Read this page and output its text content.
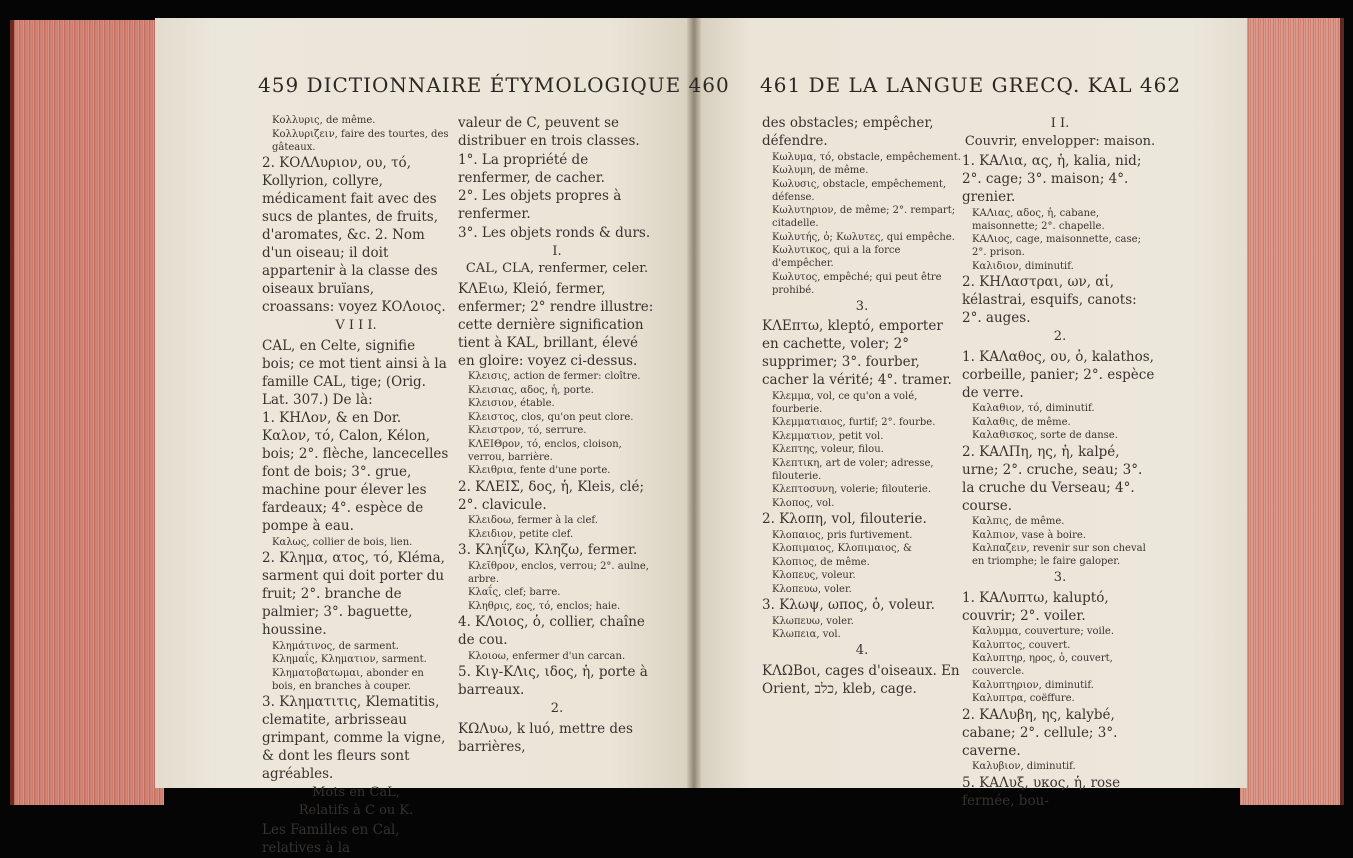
459 DICTIONNAIRE ÉTYMOLOGIQUE 460 461 DE LA LANGUE GRECQ. KAL 462

Κολλυρις, de même.

Κολλυριζειν, faire des tourtes, des gâteaux.

2. ΚΟΛΛυριον, ου, τό, Kollyrion, collyre, médicament fait avec des sucs de plantes, de fruits, d'aromates, &c. 2. Nom d'un oiseau; il doit appartenir à la classe des oiseaux bruïans, croassans: voyez ΚΟΛοιος.

V I I I.

CAL, en Celte, signifie bois; ce mot tient ainsi à la famille CAL, tige; (Orig. Lat. 307.) De là:

1. ΚΗΛον, & en Dor. Καλον, τό, Calon, Kélon, bois; 2°. flèche, lancecelles font de bois; 3°. grue, machine pour élever les fardeaux; 4°. espèce de pompe à eau.

Καλως, collier de bois, lien.

2. Κλημα, ατος, τό, Kléma, sarment qui doit porter du fruit; 2°. branche de palmier; 3°. baguette, houssine.

Κλημάτινος, de sarment.

Κλημαΐς, Κληματιον, sarment.

Κληματοβατωμαι, abonder en bois, en branches à couper.

3. Κληματιτις, Klematitis, clematite, arbrisseau grimpant, comme la vigne, & dont les fleurs sont agréables.

Mots en CaL,

Relatifs à C ou K.

Les Familles en Cal, relatives à la

valeur de C, peuvent se distribuer en trois classes.

1°. La propriété de renfermer, de cacher.

2°. Les objets propres à renfermer.

3°. Les objets ronds & durs.

I.

CAL, CLA, renfermer, celer.

ΚΛΕιω, Kleió, fermer, enfermer; 2° rendre illustre: cette dernière signification tient à KAL, brillant, élevé en gloire: voyez ci-dessus.

Κλεισις, action de fermer: cloître.

Κλεισιας, αδος, ἡ, porte.

Κλεισιον, étable.

Κλειστος, clos, qu'on peut clore.

Κλειστρον, τό, serrure.

ΚΛΕΙΘρον, τό, enclos, cloison, verrou, barrière.

Κλειθρια, fente d'une porte.

2. ΚΛΕΙΣ, δος, ἡ, Kleis, clé; 2°. clavicule.

Κλειδοω, fermer à la clef.

Κλειδιον, petite clef.

3. Κληΐζω, Κληζω, fermer.

Κλεῖθρον, enclos, verrou; 2°. aulne, arbre.

Κλαΐς, clef; barre.

Κληθρις, εος, τό, enclos; haie.

4. ΚΛοιος, ὁ, collier, chaîne de cou.

Κλοιοω, enfermer d'un carcan.

5. Κιγ-ΚΛις, ιδος, ἡ, porte à barreaux.

2.

ΚΩΛυω, k luó, mettre des barrières,

des obstacles; empêcher, défendre.

Κωλυμα, τό, obstacle, empêchement.

Κωλυμη, de même.

Κωλυσις, obstacle, empêchement, défense.

Κωλυτηριον, de même; 2°. rempart; citadelle.

Κωλυτής, ὁ; Κωλυτες, qui empêche.

Κωλυτικος, qui a la force d'empêcher.

Κωλυτος, empêché; qui peut être prohibé.

3.

ΚΛΕπτω, kleptó, emporter en cachette, voler; 2° supprimer; 3°. fourber, cacher la vérité; 4°. tramer.

Κλεμμα, vol, ce qu'on a volé, fourberie.

Κλεμματιαιος, furtif; 2°. fourbe.

Κλεμματιον, petit vol.

Κλεπτης, voleur, filou.

Κλεπτικη, art de voler; adresse, filouterie.

Κλεπτοσυνη, volerie; filouterie.

Κλοπος, vol.

2. Κλοπη, vol, filouterie.

Κλοπαιος, pris furtivement.

Κλοπιμαιος, Κλοπιμαιος, &

Κλοπιος, de même.

Κλοπευς, voleur.

Κλοπευω, voler.

3. Κλωψ, ωπος, ὁ, voleur.

Κλωπευω, voler.

Κλωπεια, vol.

4.

ΚΛΩΒοι, cages d'oiseaux. En Orient, כלב, kleb, cage.

I I.

Couvrir, envelopper: maison.

1. ΚΑΛια, ας, ἡ, kalia, nid; 2°. cage; 3°. maison; 4°. grenier.

ΚΑΛιας, αδος, ἡ, cabane, maisonnette; 2°. chapelle.

ΚΑΛιος, cage, maisonnette, case; 2°. prison.

Καλιδιον, diminutif.

2. ΚΗΛαστραι, ων, αἱ, kélastrai, esquifs, canots: 2°. auges.

2.

1. ΚΑΛαθος, ου, ὁ, kalathos, corbeille, panier; 2°. espèce de verre.

Καλαθιον, τό, diminutif.

Καλαθις, de même.

Καλαθισκος, sorte de danse.

2. ΚΑΛΠη, ης, ἡ, kalpé, urne; 2°. cruche, seau; 3°. la cruche du Verseau; 4°. course.

Καλπις, de même.

Καλπιον, vase à boire.

Καλπαζειν, revenir sur son cheval en triomphe; le faire galoper.

3.

1. ΚΑΛυπτω, kaluptó, couvrir; 2°. voiler.

Καλυμμα, couverture; voile.

Καλυπτος, couvert.

Καλυπτηρ, ηρος, ὁ, couvert, couvercle.

Καλυπτηριον, diminutif.

Καλυπτρα, coëffure.

2. ΚΑΛυβη, ης, kalybé, cabane; 2°. cellule; 3°. caverne.

Καλυβιον, diminutif.

5. ΚΑΛυξ, υκος, ἡ, rose fermée, bou-
